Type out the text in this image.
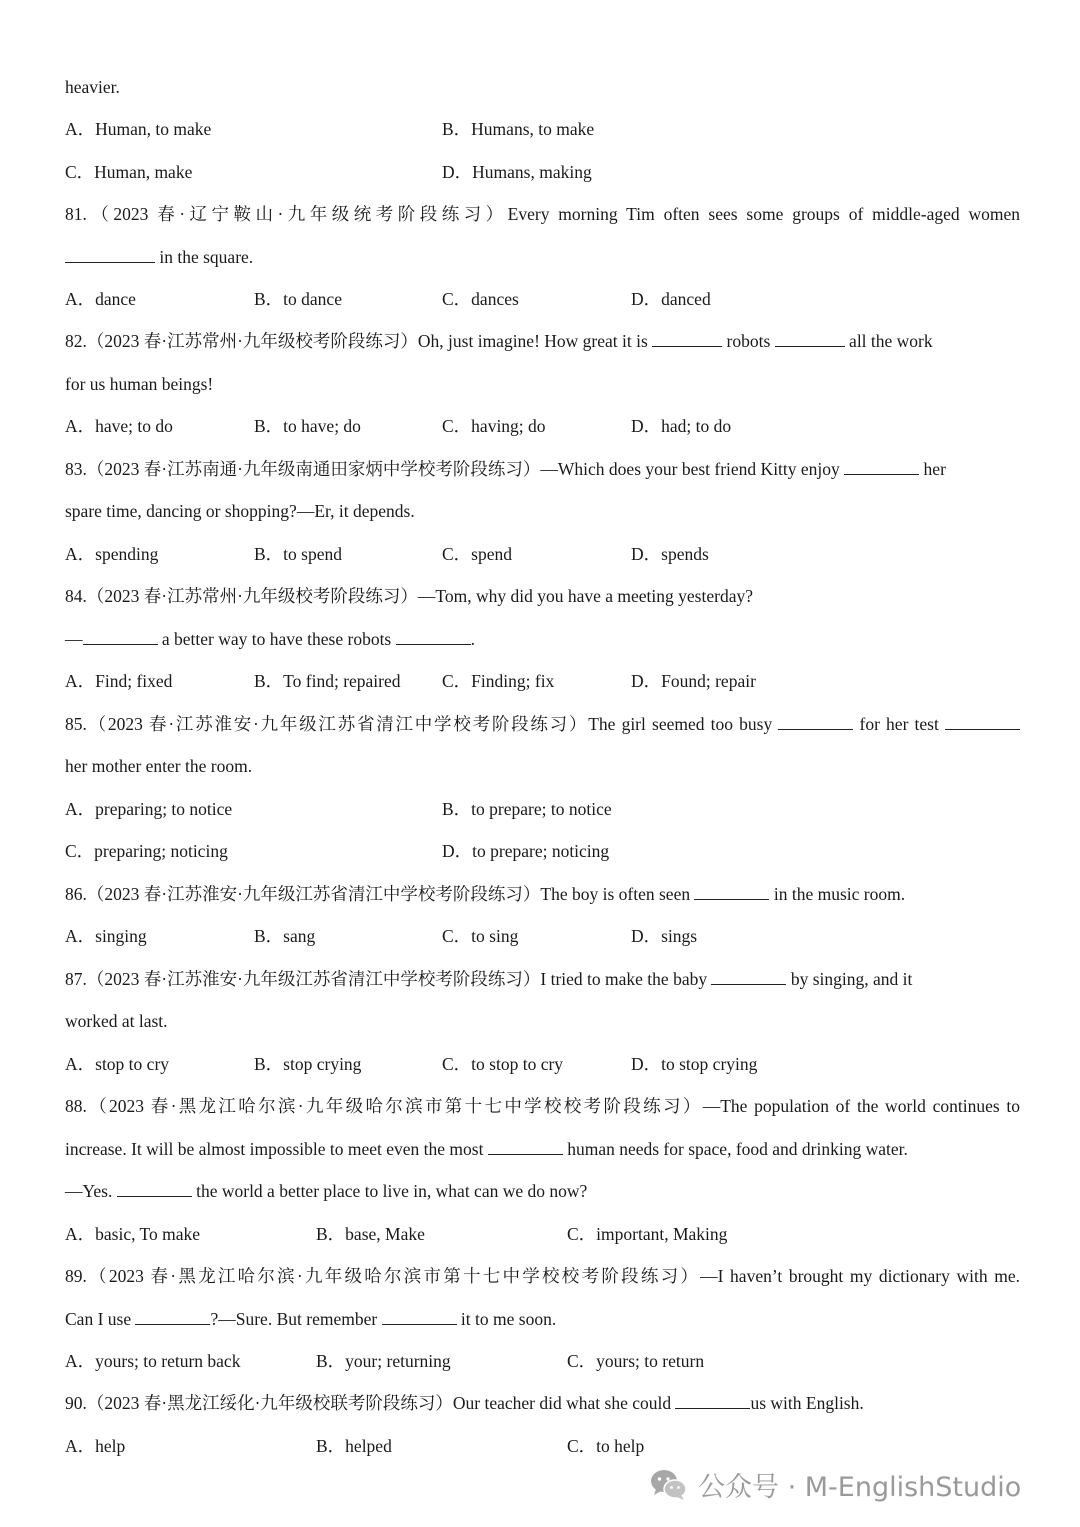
heavier.
A．Human, to make	B．Humans, to make
C．Human, make	D．Humans, making
81.（2023 春·辽宁鞍山·九年级统考阶段练习）Every morning Tim often sees some groups of middle-aged women
in the square.
A．dance	B．to dance	C．dances	D．danced
82.（2023 春·江苏常州·九年级校考阶段练习）Oh, just imagine! How great it is	robots	all the work
for us human beings!
A．have; to do	B．to have; do	C．having; do	D．had; to do
83.（2023 春·江苏南通·九年级南通田家炳中学校考阶段练习）—Which does your best friend Kitty enjoy	her
spare time, dancing or shopping?—Er, it depends.
A．spending	B．to spend	C．spend	D．spends
84.（2023 春·江苏常州·九年级校考阶段练习）—Tom, why did you have a meeting yesterday?
—	a better way to have these robots	.
A．Find; fixed	B．To find; repaired C．Finding; fix	D．Found; repair
85.（2023 春·江苏淮安·九年级江苏省清江中学校考阶段练习）The girl seemed too busy	for her test
her mother enter the room.
A．preparing; to notice	B．to prepare; to notice
C．preparing; noticing	D．to prepare; noticing
86.（2023 春·江苏淮安·九年级江苏省清江中学校考阶段练习）The boy is often seen	in the music room.
A．singing	B．sang	C．to sing	D．sings
87.（2023 春·江苏淮安·九年级江苏省清江中学校考阶段练习）I tried to make the baby	by singing, and it
worked at last.
A．stop to cry	B．stop crying	C．to stop to cry	D．to stop crying
88.（2023 春·黑龙江哈尔滨·九年级哈尔滨市第十七中学校校考阶段练习）—The population of the world continues to
increase. It will be almost impossible to meet even the most	human needs for space, food and drinking water.
—Yes.	the world a better place to live in, what can we do now?
A．basic, To make	B．base, Make	C．important, Making
89.（2023 春·黑龙江哈尔滨·九年级哈尔滨市第十七中学校校考阶段练习）—I haven’t brought my dictionary with me.
Can I use	?—Sure. But remember	it to me soon.
A．yours; to return back	B．your; returning	C．yours; to return
90.（2023 春·黑龙江绥化·九年级校联考阶段练习）Our teacher did what she could	us with English.
A．help	B．helped	C．to help
公众号 · M-EnglishStudio
